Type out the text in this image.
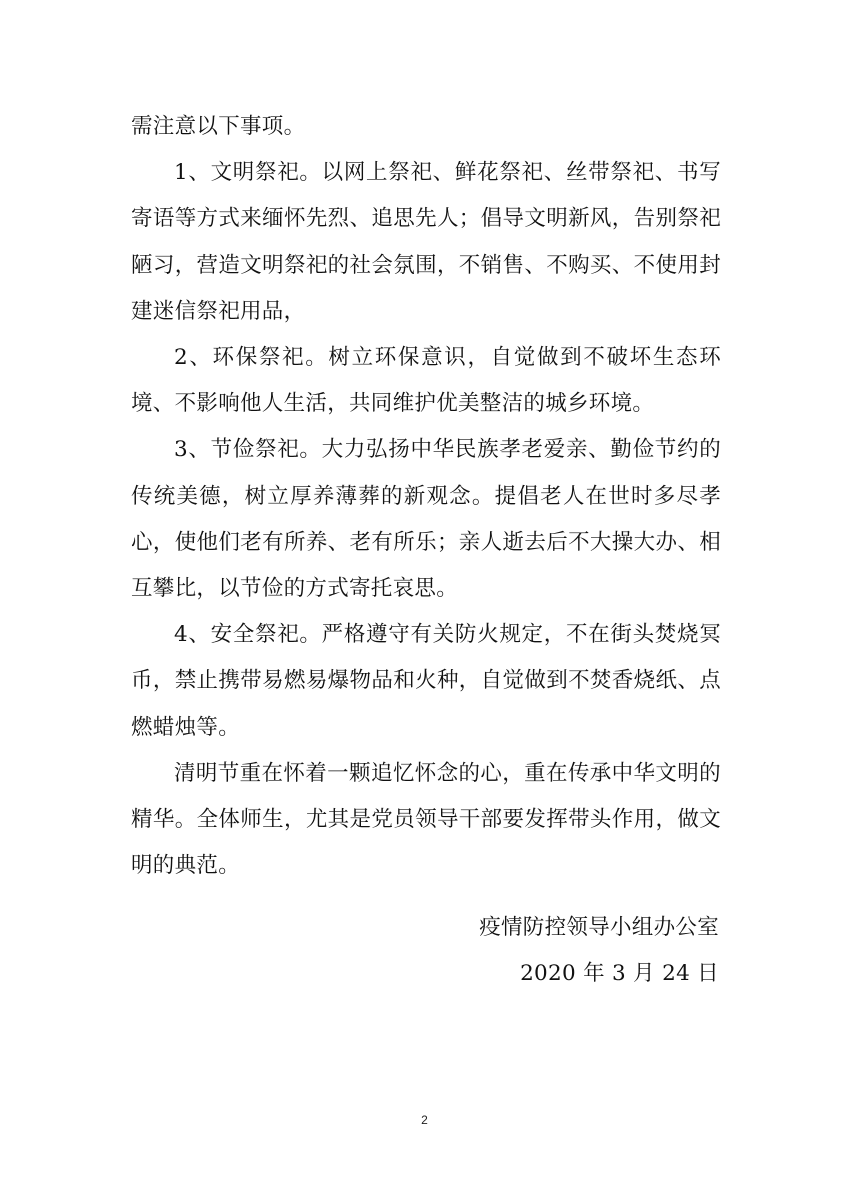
需注意以下事项。

1、文明祭祀。以网上祭祀、鲜花祭祀、丝带祭祀、书写寄语等方式来缅怀先烈、追思先人；倡导文明新风，告别祭祀陋习，营造文明祭祀的社会氛围，不销售、不购买、不使用封建迷信祭祀用品，

2、环保祭祀。树立环保意识，自觉做到不破坏生态环境、不影响他人生活，共同维护优美整洁的城乡环境。

3、节俭祭祀。大力弘扬中华民族孝老爱亲、勤俭节约的传统美德，树立厚养薄葬的新观念。提倡老人在世时多尽孝心，使他们老有所养、老有所乐；亲人逝去后不大操大办、相互攀比，以节俭的方式寄托哀思。

4、安全祭祀。严格遵守有关防火规定，不在街头焚烧冥币，禁止携带易燃易爆物品和火种，自觉做到不焚香烧纸、点燃蜡烛等。

清明节重在怀着一颗追忆怀念的心，重在传承中华文明的精华。全体师生，尤其是党员领导干部要发挥带头作用，做文明的典范。

疫情防控领导小组办公室

2020 年 3 月 24 日

2
